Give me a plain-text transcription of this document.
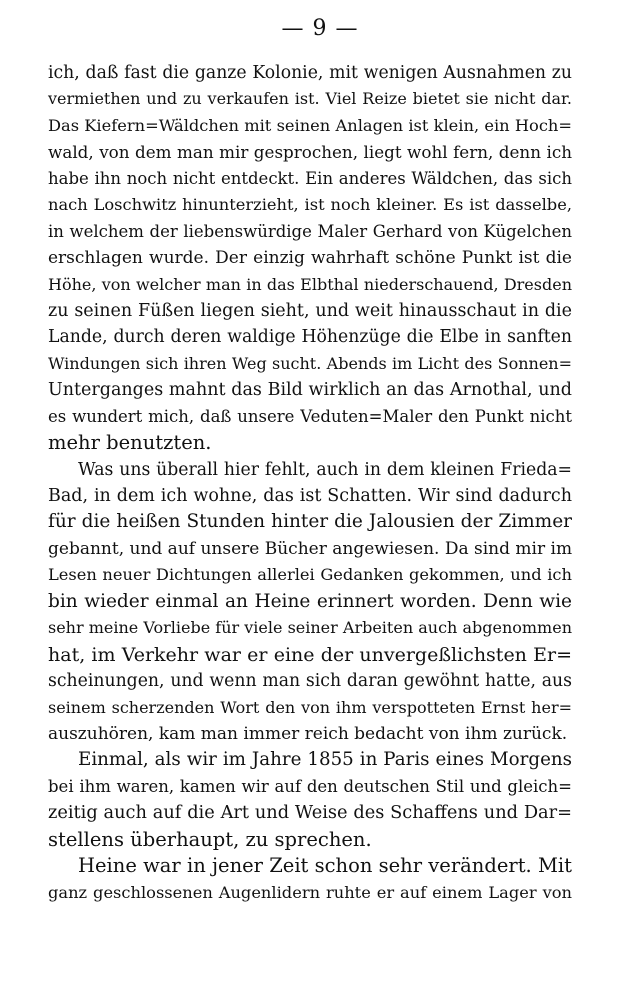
— 9 —
ich, daß fast die ganze Kolonie, mit wenigen Ausnahmen zu
vermiethen und zu verkaufen ist. Viel Reize bietet sie nicht dar.
Das Kiefern=Wäldchen mit seinen Anlagen ist klein, ein Hoch=
wald, von dem man mir gesprochen, liegt wohl fern, denn ich
habe ihn noch nicht entdeckt. Ein anderes Wäldchen, das sich
nach Loschwitz hinunterzieht, ist noch kleiner. Es ist dasselbe,
in welchem der liebenswürdige Maler Gerhard von Kügelchen
erschlagen wurde. Der einzig wahrhaft schöne Punkt ist die
Höhe, von welcher man in das Elbthal niederschauend, Dresden
zu seinen Füßen liegen sieht, und weit hinausschaut in die
Lande, durch deren waldige Höhenzüge die Elbe in sanften
Windungen sich ihren Weg sucht. Abends im Licht des Sonnen=
Unterganges mahnt das Bild wirklich an das Arnothal, und
es wundert mich, daß unsere Veduten=Maler den Punkt nicht
mehr benutzten.
Was uns überall hier fehlt, auch in dem kleinen Frieda=
Bad, in dem ich wohne, das ist Schatten. Wir sind dadurch
für die heißen Stunden hinter die Jalousien der Zimmer
gebannt, und auf unsere Bücher angewiesen. Da sind mir im
Lesen neuer Dichtungen allerlei Gedanken gekommen, und ich
bin wieder einmal an Heine erinnert worden. Denn wie
sehr meine Vorliebe für viele seiner Arbeiten auch abgenommen
hat, im Verkehr war er eine der unvergeßlichsten Er=
scheinungen, und wenn man sich daran gewöhnt hatte, aus
seinem scherzenden Wort den von ihm verspotteten Ernst her=
auszuhören, kam man immer reich bedacht von ihm zurück.
Einmal, als wir im Jahre 1855 in Paris eines Morgens
bei ihm waren, kamen wir auf den deutschen Stil und gleich=
zeitig auch auf die Art und Weise des Schaffens und Dar=
stellens überhaupt, zu sprechen.
Heine war in jener Zeit schon sehr verändert. Mit
ganz geschlossenen Augenlidern ruhte er auf einem Lager von
